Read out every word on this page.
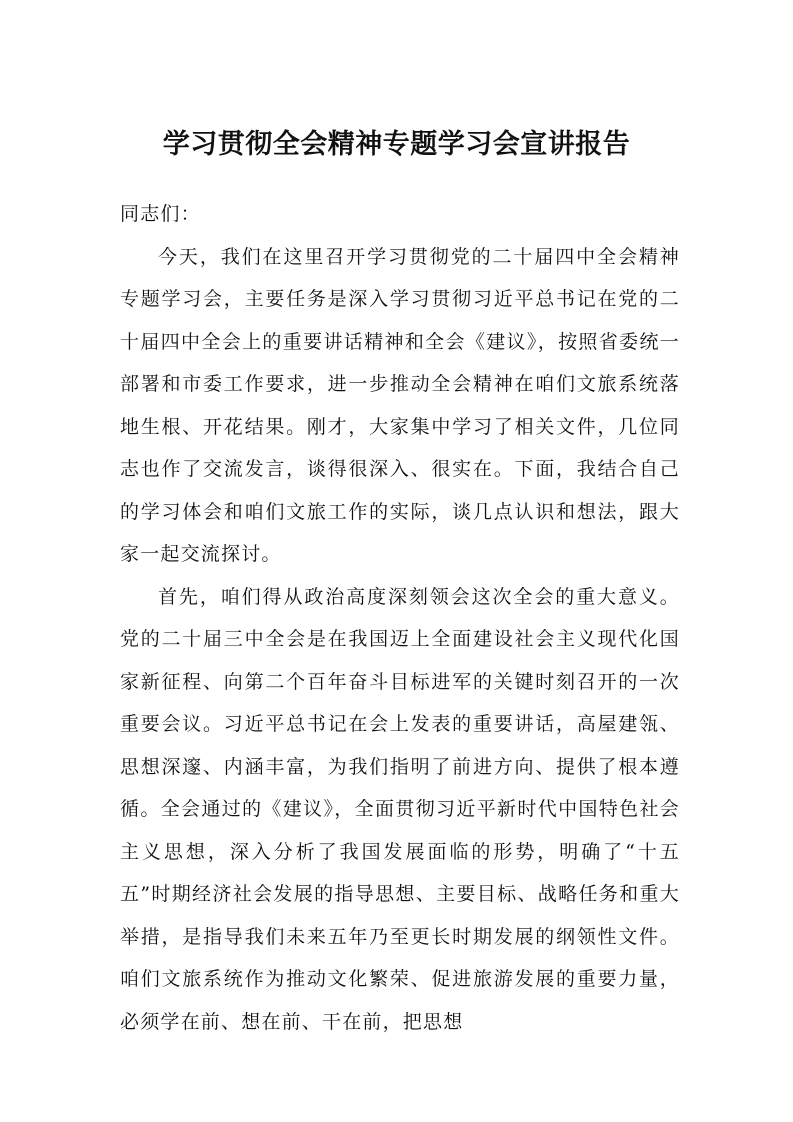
学习贯彻全会精神专题学习会宣讲报告

同志们：

今天，我们在这里召开学习贯彻党的二十届四中全会精神专题学习会，主要任务是深入学习贯彻习近平总书记在党的二十届四中全会上的重要讲话精神和全会《建议》，按照省委统一部署和市委工作要求，进一步推动全会精神在咱们文旅系统落地生根、开花结果。刚才，大家集中学习了相关文件，几位同志也作了交流发言，谈得很深入、很实在。下面，我结合自己的学习体会和咱们文旅工作的实际，谈几点认识和想法，跟大家一起交流探讨。

首先，咱们得从政治高度深刻领会这次全会的重大意义。党的二十届三中全会是在我国迈上全面建设社会主义现代化国家新征程、向第二个百年奋斗目标进军的关键时刻召开的一次重要会议。习近平总书记在会上发表的重要讲话，高屋建瓴、思想深邃、内涵丰富，为我们指明了前进方向、提供了根本遵循。全会通过的《建议》，全面贯彻习近平新时代中国特色社会主义思想，深入分析了我国发展面临的形势，明确了“十五五”时期经济社会发展的指导思想、主要目标、战略任务和重大举措，是指导我们未来五年乃至更长时期发展的纲领性文件。咱们文旅系统作为推动文化繁荣、促进旅游发展的重要力量，必须学在前、想在前、干在前，把思想
